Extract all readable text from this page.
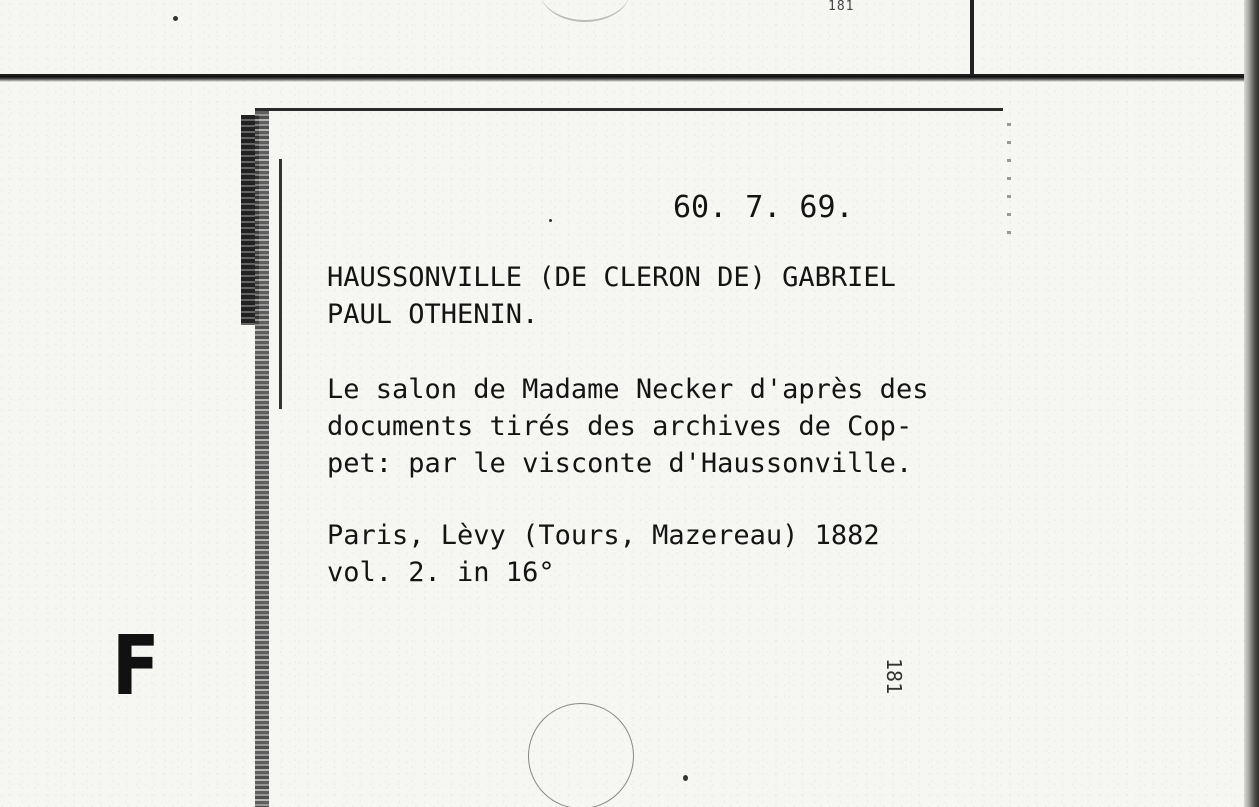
181
60. 7. 69.
HAUSSONVILLE (DE CLERON DE) GABRIEL
PAUL OTHENIN.
Le salon de Madame Necker d'après des
documents tirés des archives de Cop-
pet: par le visconte d'Haussonville.
Paris, Lèvy (Tours, Mazereau) 1882
vol. 2. in 16°
181
F
